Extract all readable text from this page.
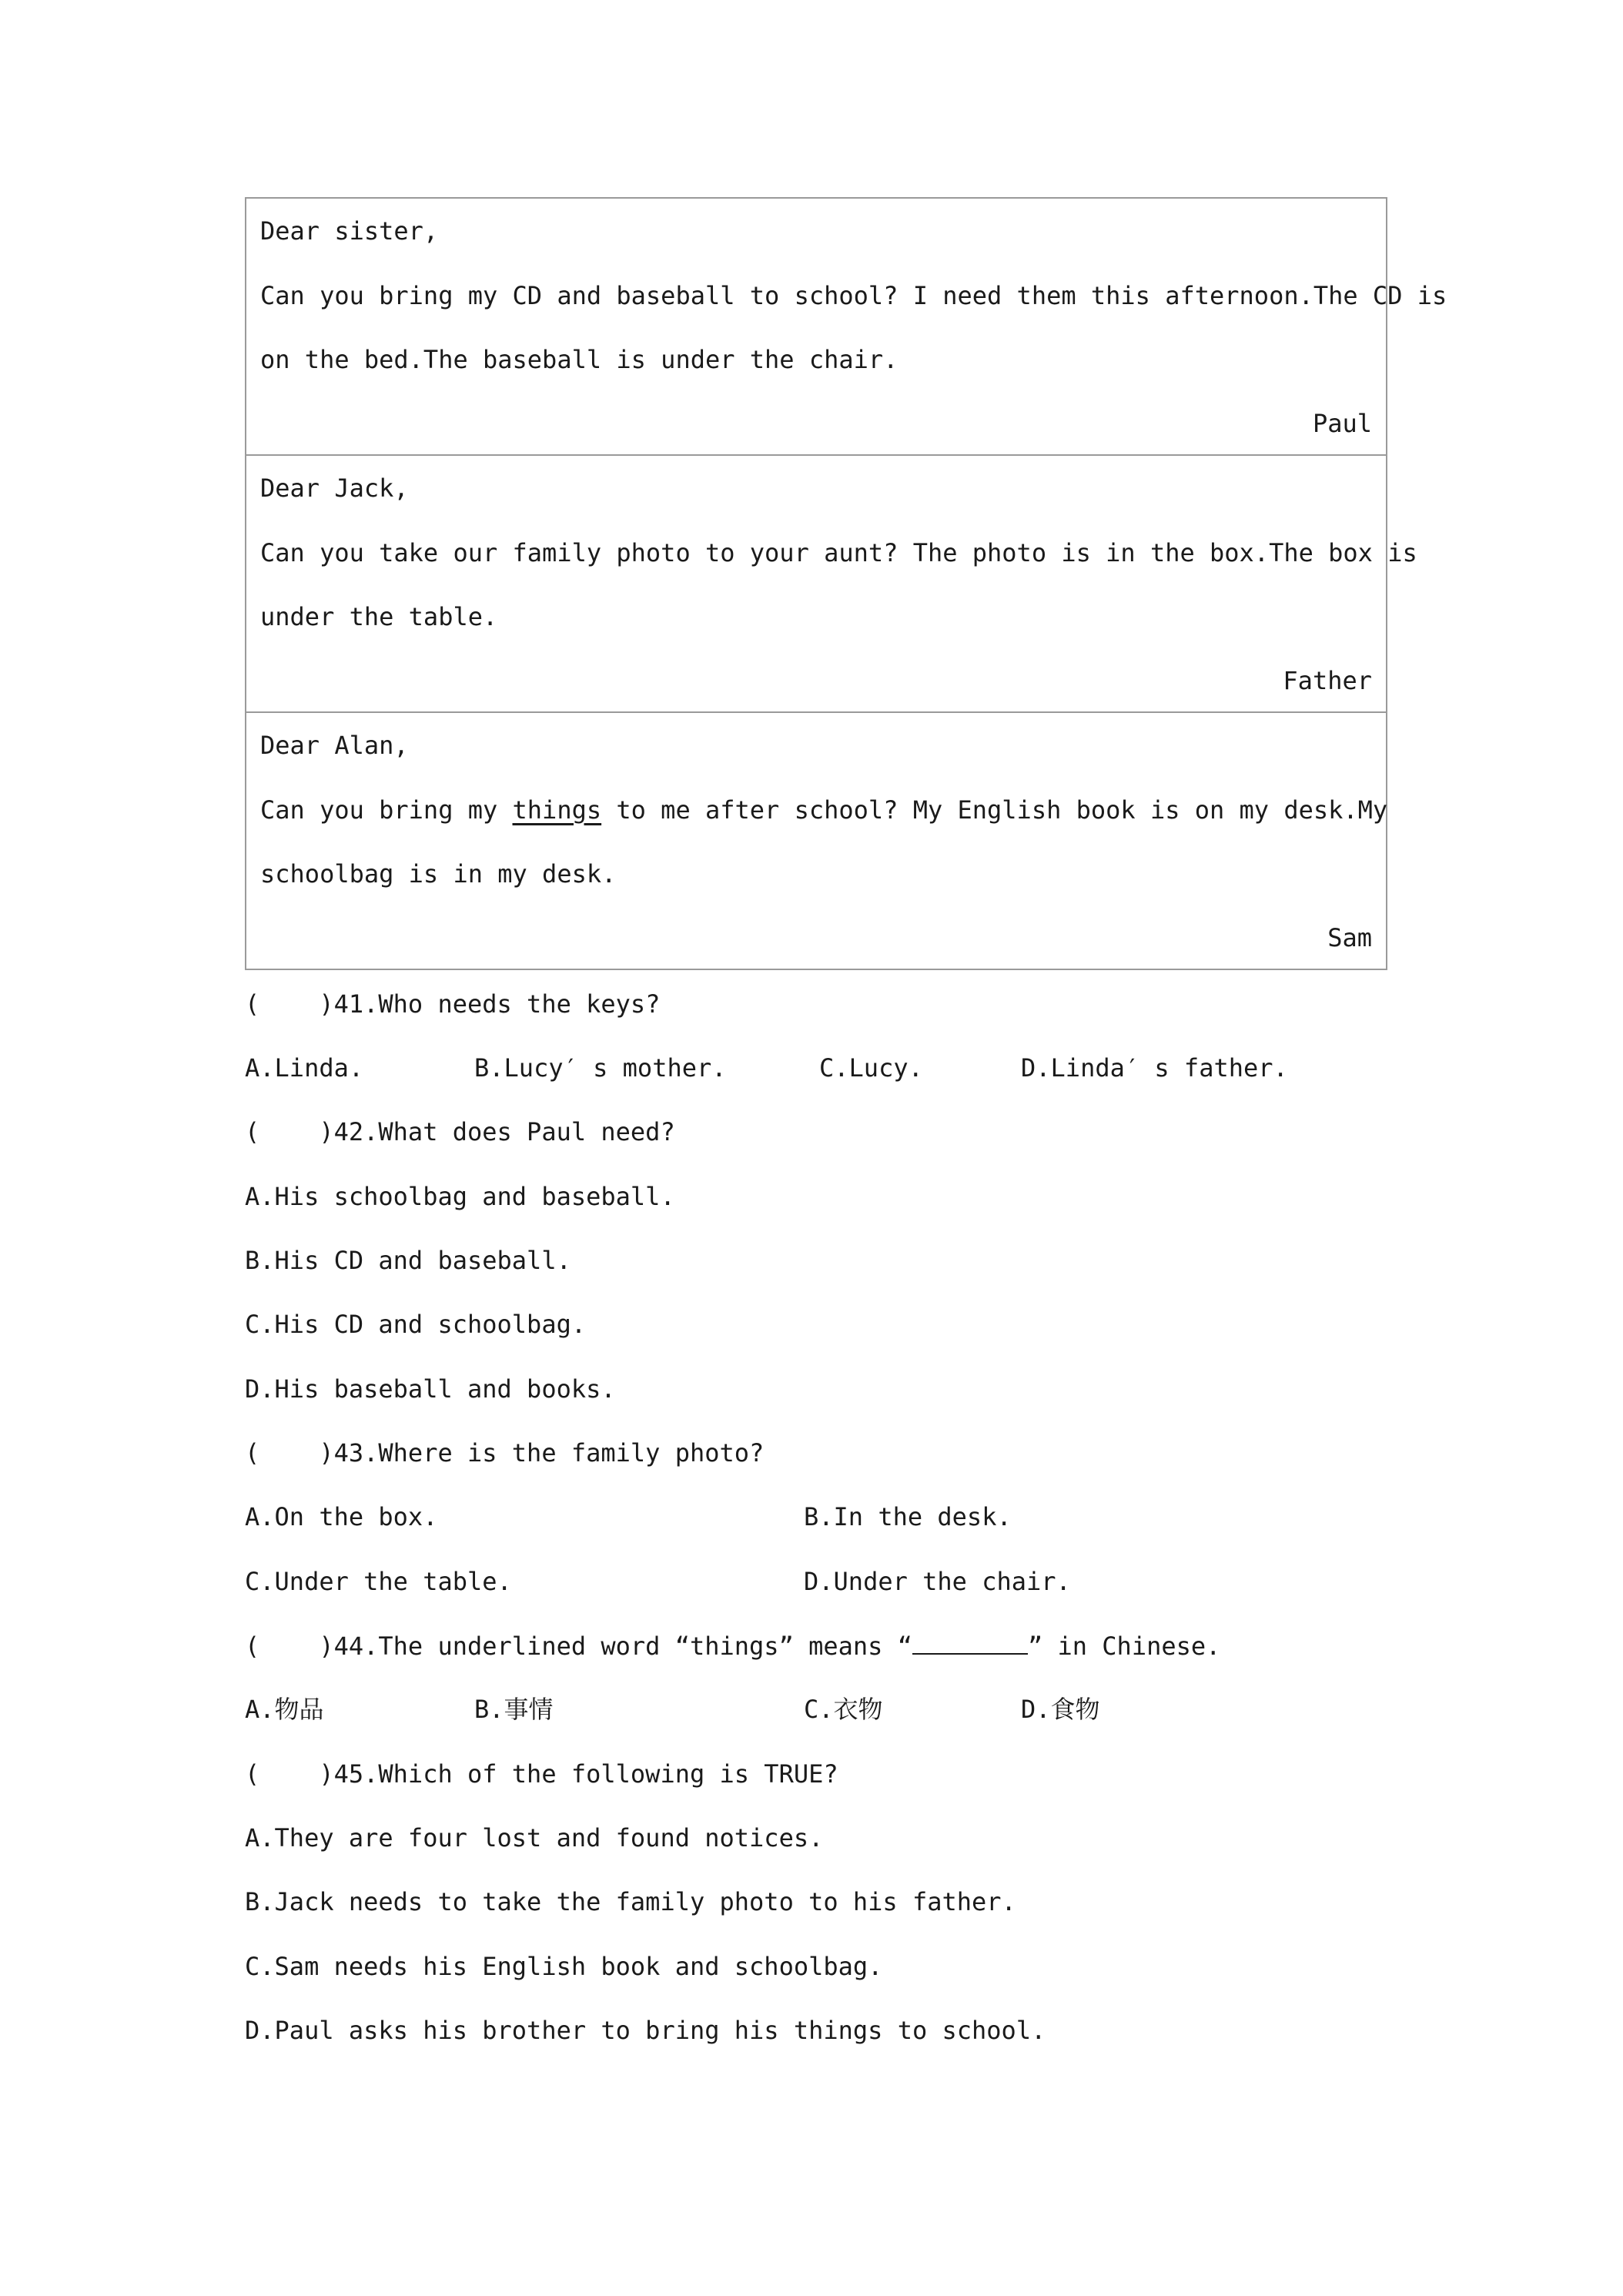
Dear sister,
Can you bring my CD and baseball to school? I need them this afternoon.The CD is
on the bed.The baseball is under the chair.
Paul
Dear Jack,
Can you take our family photo to your aunt? The photo is in the box.The box is
under the table.
Father
Dear Alan,
Can you bring my things to me after school? My English book is on my desk.My
schoolbag is in my desk.
Sam
(    )41.Who needs the keys?
A.Linda.	B.Lucy′ s mother.	C.Lucy.	D.Linda′ s father.
(    )42.What does Paul need?
A.His schoolbag and baseball.
B.His CD and baseball.
C.His CD and schoolbag.
D.His baseball and books.
(    )43.Where is the family photo?
A.On the box.	B.In the desk.
C.Under the table.	D.Under the chair.
(    )44.The underlined word “things” means “	” in Chinese.
A.物品	B.事情	C.衣物	D.食物
(    )45.Which of the following is TRUE?
A.They are four lost and found notices.
B.Jack needs to take the family photo to his father.
C.Sam needs his English book and schoolbag.
D.Paul asks his brother to bring his things to school.
